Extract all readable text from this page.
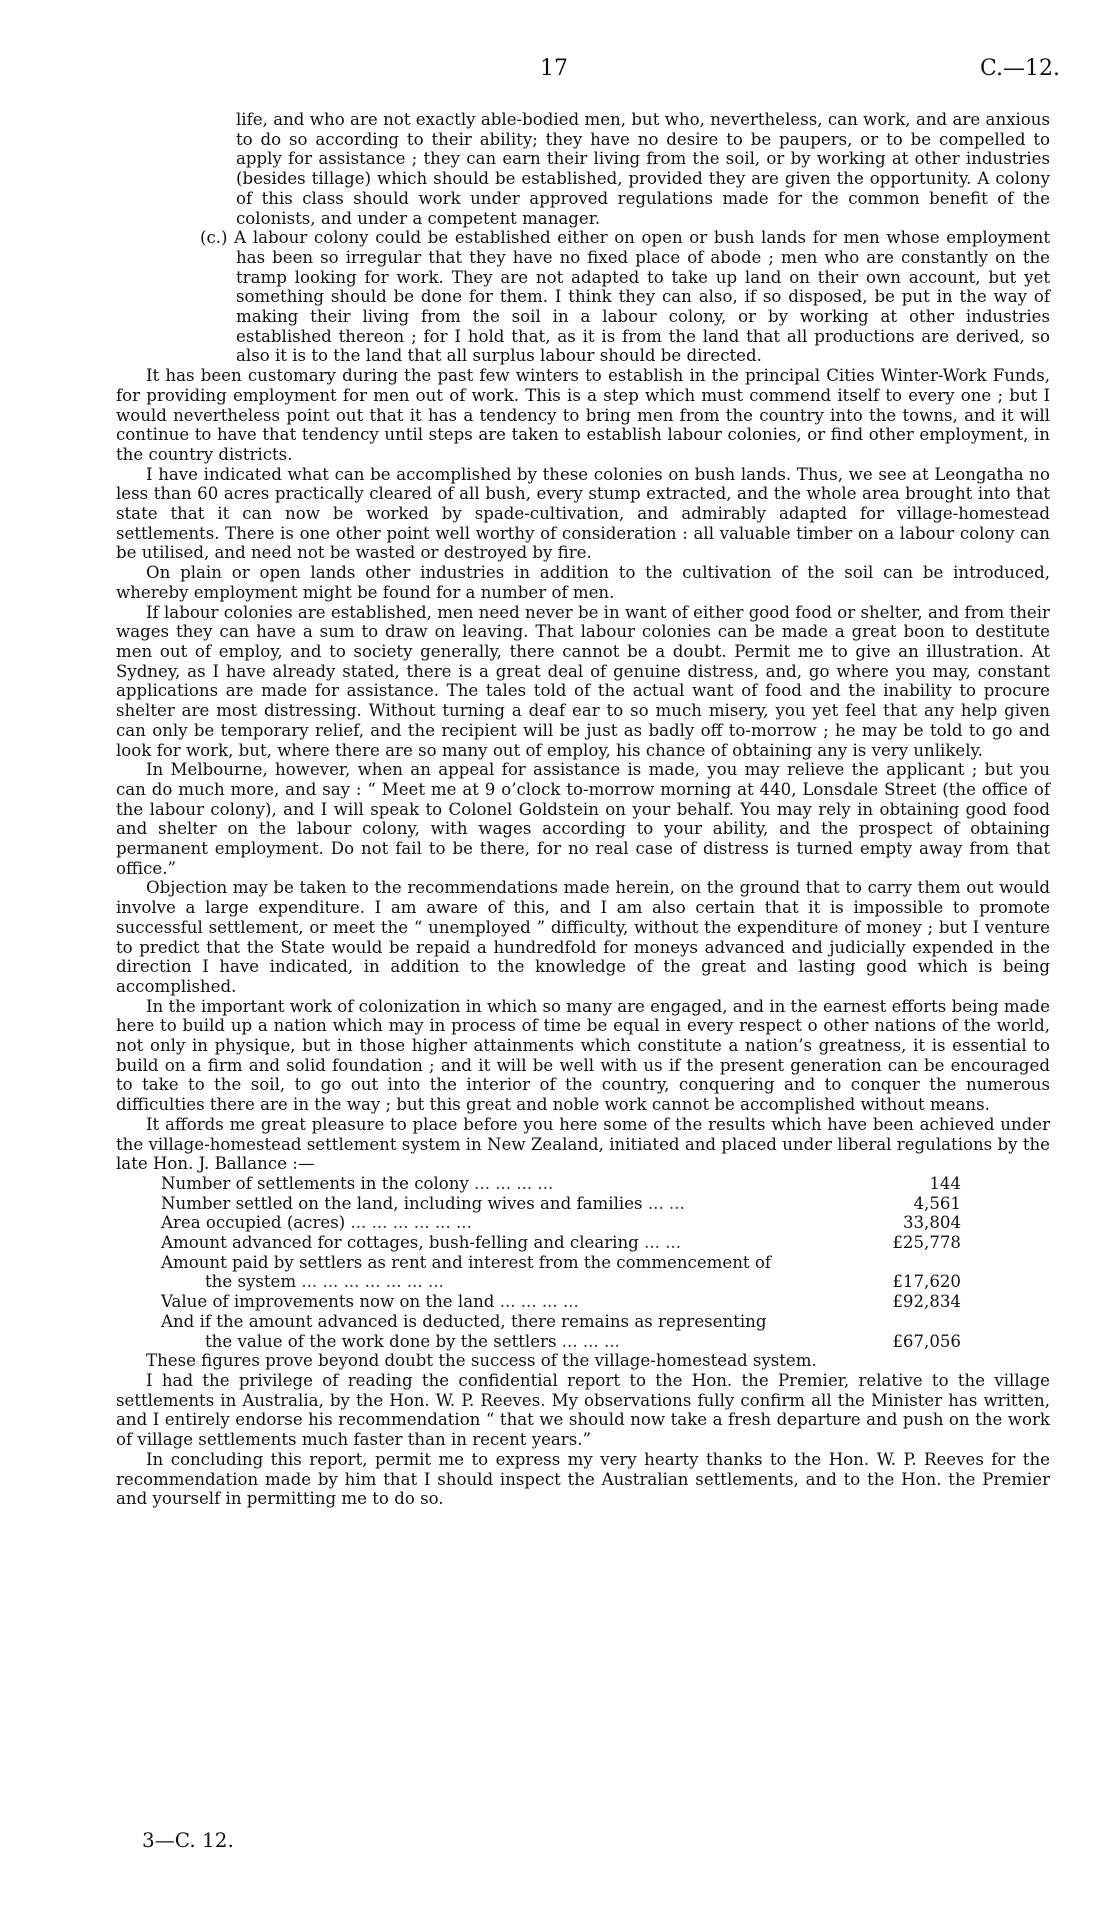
17	C.—12.

life, and who are not exactly able-bodied men, but who, nevertheless, can work, and are anxious to do so according to their ability; they have no desire to be paupers, or to be compelled to apply for assistance ; they can earn their living from the soil, or by working at other industries (besides tillage) which should be established, provided they are given the opportunity. A colony of this class should work under approved regulations made for the common benefit of the colonists, and under a competent manager.

(c.) A labour colony could be established either on open or bush lands for men whose employment has been so irregular that they have no fixed place of abode ; men who are constantly on the tramp looking for work. They are not adapted to take up land on their own account, but yet something should be done for them. I think they can also, if so disposed, be put in the way of making their living from the soil in a labour colony, or by working at other industries established thereon ; for I hold that, as it is from the land that all productions are derived, so also it is to the land that all surplus labour should be directed.

It has been customary during the past few winters to establish in the principal Cities Winter-Work Funds, for providing employment for men out of work. This is a step which must commend itself to every one ; but I would nevertheless point out that it has a tendency to bring men from the country into the towns, and it will continue to have that tendency until steps are taken to establish labour colonies, or find other employment, in the country districts.

I have indicated what can be accomplished by these colonies on bush lands. Thus, we see at Leongatha no less than 60 acres practically cleared of all bush, every stump extracted, and the whole area brought into that state that it can now be worked by spade-cultivation, and admirably adapted for village-homestead settlements. There is one other point well worthy of consideration : all valuable timber on a labour colony can be utilised, and need not be wasted or destroyed by fire.

On plain or open lands other industries in addition to the cultivation of the soil can be introduced, whereby employment might be found for a number of men.

If labour colonies are established, men need never be in want of either good food or shelter, and from their wages they can have a sum to draw on leaving. That labour colonies can be made a great boon to destitute men out of employ, and to society generally, there cannot be a doubt. Permit me to give an illustration. At Sydney, as I have already stated, there is a great deal of genuine distress, and, go where you may, constant applications are made for assistance. The tales told of the actual want of food and the inability to procure shelter are most distressing. Without turning a deaf ear to so much misery, you yet feel that any help given can only be temporary relief, and the recipient will be just as badly off to-morrow ; he may be told to go and look for work, but, where there are so many out of employ, his chance of obtaining any is very unlikely.

In Melbourne, however, when an appeal for assistance is made, you may relieve the applicant ; but you can do much more, and say : “ Meet me at 9 o’clock to-morrow morning at 440, Lonsdale Street (the office of the labour colony), and I will speak to Colonel Goldstein on your behalf. You may rely in obtaining good food and shelter on the labour colony, with wages according to your ability, and the prospect of obtaining permanent employment. Do not fail to be there, for no real case of distress is turned empty away from that office.”

Objection may be taken to the recommendations made herein, on the ground that to carry them out would involve a large expenditure. I am aware of this, and I am also certain that it is impossible to promote successful settlement, or meet the “ unemployed ” difficulty, without the expenditure of money ; but I venture to predict that the State would be repaid a hundredfold for moneys advanced and judicially expended in the direction I have indicated, in addition to the knowledge of the great and lasting good which is being accomplished.

In the important work of colonization in which so many are engaged, and in the earnest efforts being made here to build up a nation which may in process of time be equal in every respect o other nations of the world, not only in physique, but in those higher attainments which constitute a nation’s greatness, it is essential to build on a firm and solid foundation ; and it will be well with us if the present generation can be encouraged to take to the soil, to go out into the interior of the country, conquering and to conquer the numerous difficulties there are in the way ; but this great and noble work cannot be accomplished without means.

It affords me great pleasure to place before you here some of the results which have been achieved under the village-homestead settlement system in New Zealand, initiated and placed under liberal regulations by the late Hon. J. Ballance :—

Number of settlements in the colony ... ... ... ...	144

Number settled on the land, including wives and families ... ...	4,561

Area occupied (acres) ... ... ... ... ... ...	33,804

Amount advanced for cottages, bush-felling and clearing ... ...	£25,778

Amount paid by settlers as rent and interest from the commencement of
the system ... ... ... ... ... ... ...	£17,620

Value of improvements now on the land ... ... ... ...	£92,834

And if the amount advanced is deducted, there remains as representing
the value of the work done by the settlers ... ... ...	£67,056

These figures prove beyond doubt the success of the village-homestead system.

I had the privilege of reading the confidential report to the Hon. the Premier, relative to the village settlements in Australia, by the Hon. W. P. Reeves. My observations fully confirm all the Minister has written, and I entirely endorse his recommendation “ that we should now take a fresh departure and push on the work of village settlements much faster than in recent years.”

In concluding this report, permit me to express my very hearty thanks to the Hon. W. P. Reeves for the recommendation made by him that I should inspect the Australian settlements, and to the Hon. the Premier and yourself in permitting me to do so.

3—C. 12.
